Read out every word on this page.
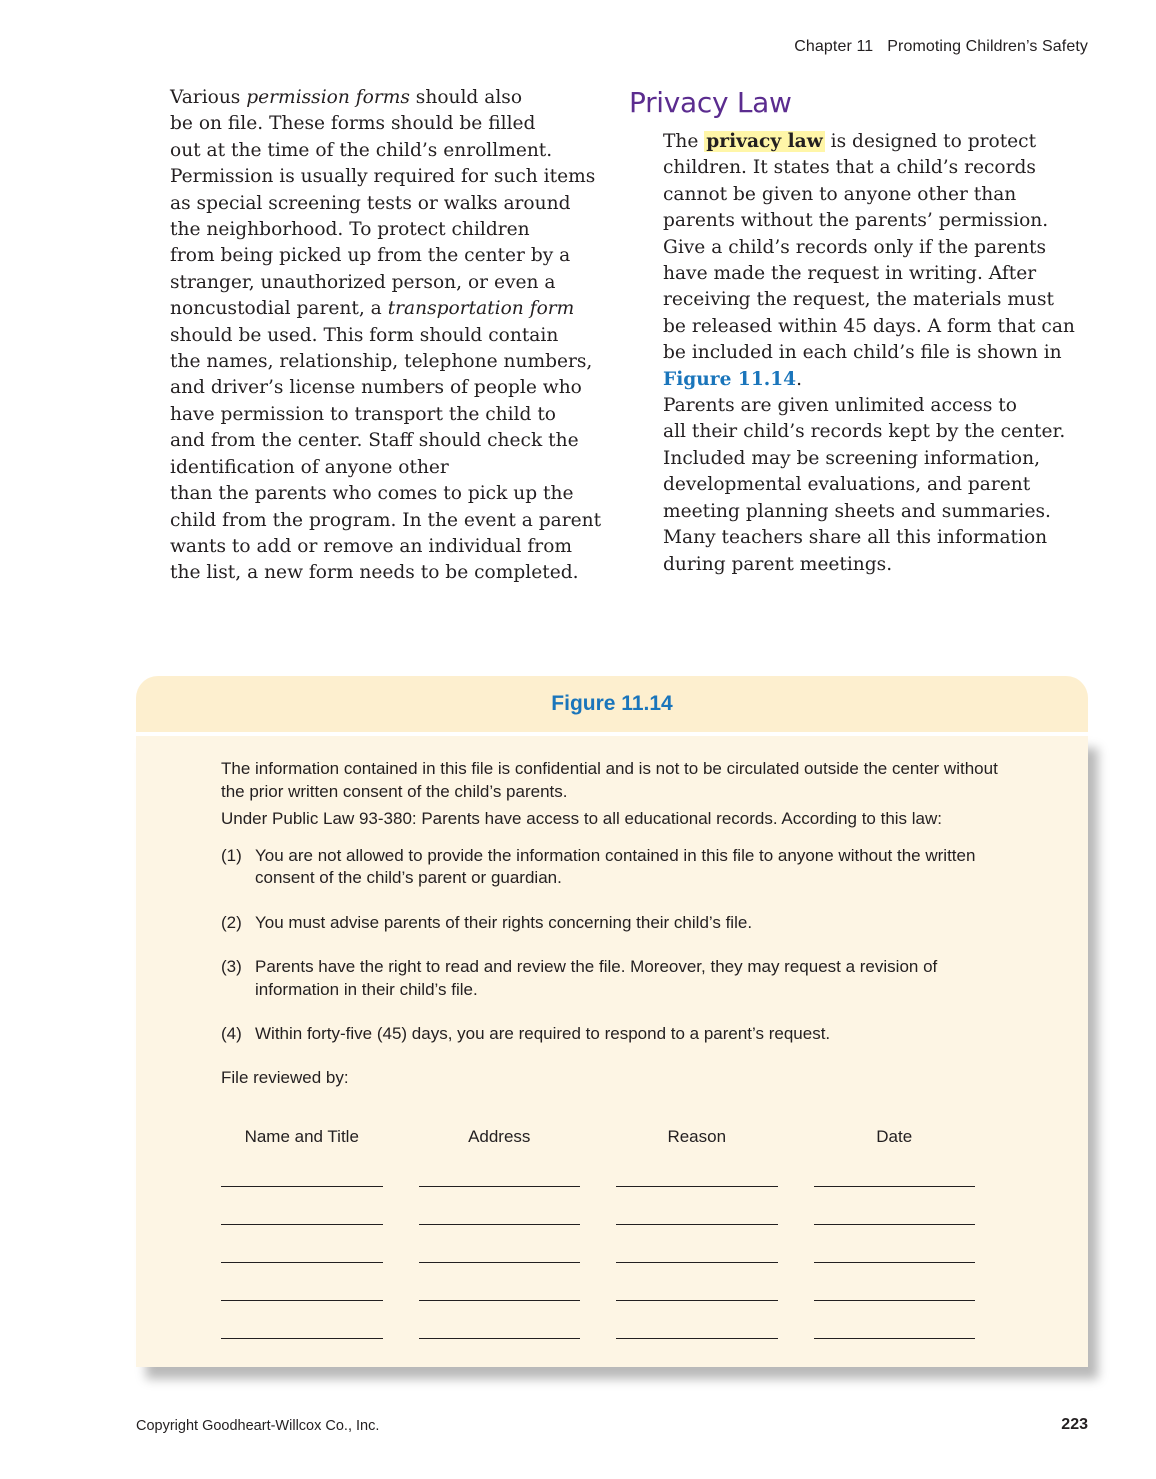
Chapter 11 Promoting Children’s Safety

Various permission forms should also
be on file. These forms should be filled
out at the time of the child’s enrollment.
Permission is usually required for such items
as special screening tests or walks around
the neighborhood. To protect children
from being picked up from the center by a
stranger, unauthorized person, or even a
noncustodial parent, a transportation form
should be used. This form should contain
the names, relationship, telephone numbers,
and driver’s license numbers of people who
have permission to transport the child to
and from the center. Staff should check the
identification of anyone other
than the parents who comes to pick up the
child from the program. In the event a parent
wants to add or remove an individual from
the list, a new form needs to be completed.

Privacy Law

The privacy law is designed to protect
children. It states that a child’s records
cannot be given to anyone other than
parents without the parents’ permission.
Give a child’s records only if the parents
have made the request in writing. After
receiving the request, the materials must
be released within 45 days. A form that can
be included in each child’s file is shown in
Figure 11.14.

Parents are given unlimited access to
all their child’s records kept by the center.
Included may be screening information,
developmental evaluations, and parent
meeting planning sheets and summaries.
Many teachers share all this information
during parent meetings.

Figure 11.14

The information contained in this file is confidential and is not to be circulated outside the center without the prior written consent of the child’s parents.

Under Public Law 93-380: Parents have access to all educational records. According to this law:

(1) You are not allowed to provide the information contained in this file to anyone without the written consent of the child’s parent or guardian.
(2) You must advise parents of their rights concerning their child’s file.
(3) Parents have the right to read and review the file. Moreover, they may request a revision of information in their child’s file.
(4) Within forty-five (45) days, you are required to respond to a parent’s request.

File reviewed by:

Name and Title	Address	Reason	Date
Copyright Goodheart-Willcox Co., Inc.	223
